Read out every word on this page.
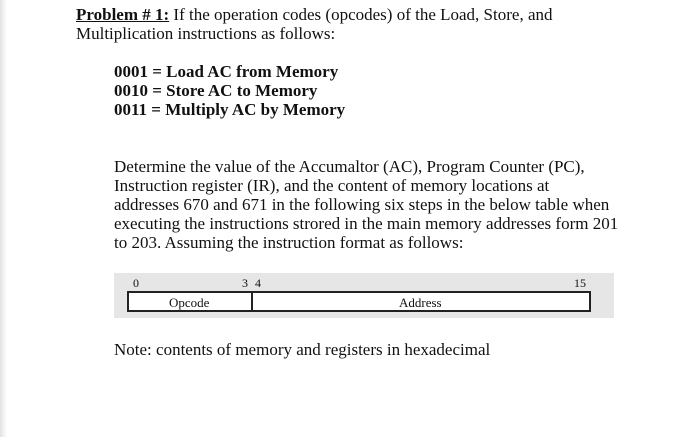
Problem # 1: If the operation codes (opcodes) of the Load, Store, and
Multiplication instructions as follows:
0001 = Load AC from Memory
0010 = Store AC to Memory
0011 = Multiply AC by Memory
Determine the value of the Accumaltor (AC), Program Counter (PC),
Instruction register (IR), and the content of memory locations at
addresses 670 and 671 in the following six steps in the below table when
executing the instructions strored in the main memory addresses form 201
to 203. Assuming the instruction format as follows:
0	3 4	15
Opcode	Address
Note: contents of memory and registers in hexadecimal
